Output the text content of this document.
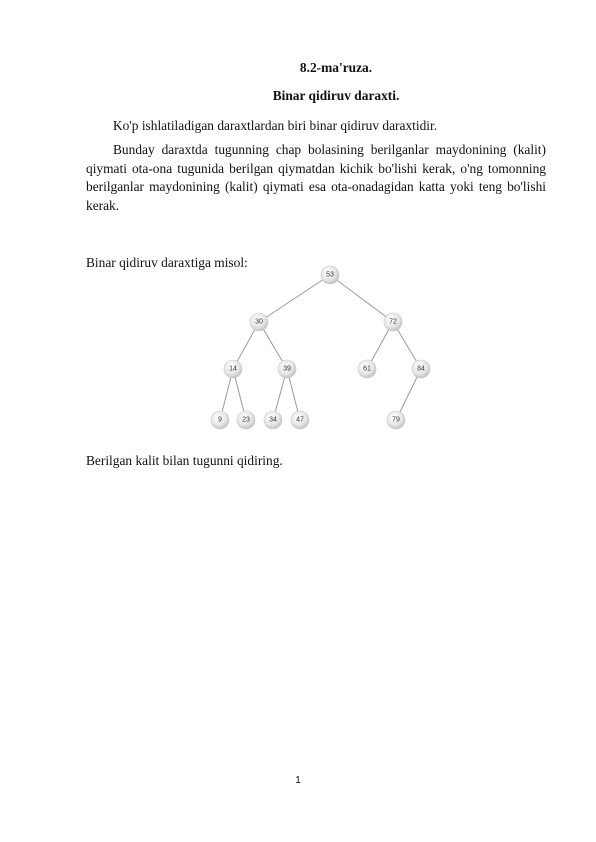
8.2-ma'ruza.
Binar qidiruv daraxti.

Ko'p ishlatiladigan daraxtlardan biri binar qidiruv daraxtidir.

Bunday daraxtda tugunning chap bolasining berilganlar maydonining (kalit) qiymati ota-ona tugunida berilgan qiymatdan kichik bo'lishi kerak, o'ng tomonning berilganlar maydonining (kalit) qiymati esa ota-onadagidan katta yoki teng bo'lishi kerak.

Binar qidiruv daraxtiga misol:

53
30	72
14	39	61	84
9	23	34	47	79

Berilgan kalit bilan tugunni qidiring.

1
